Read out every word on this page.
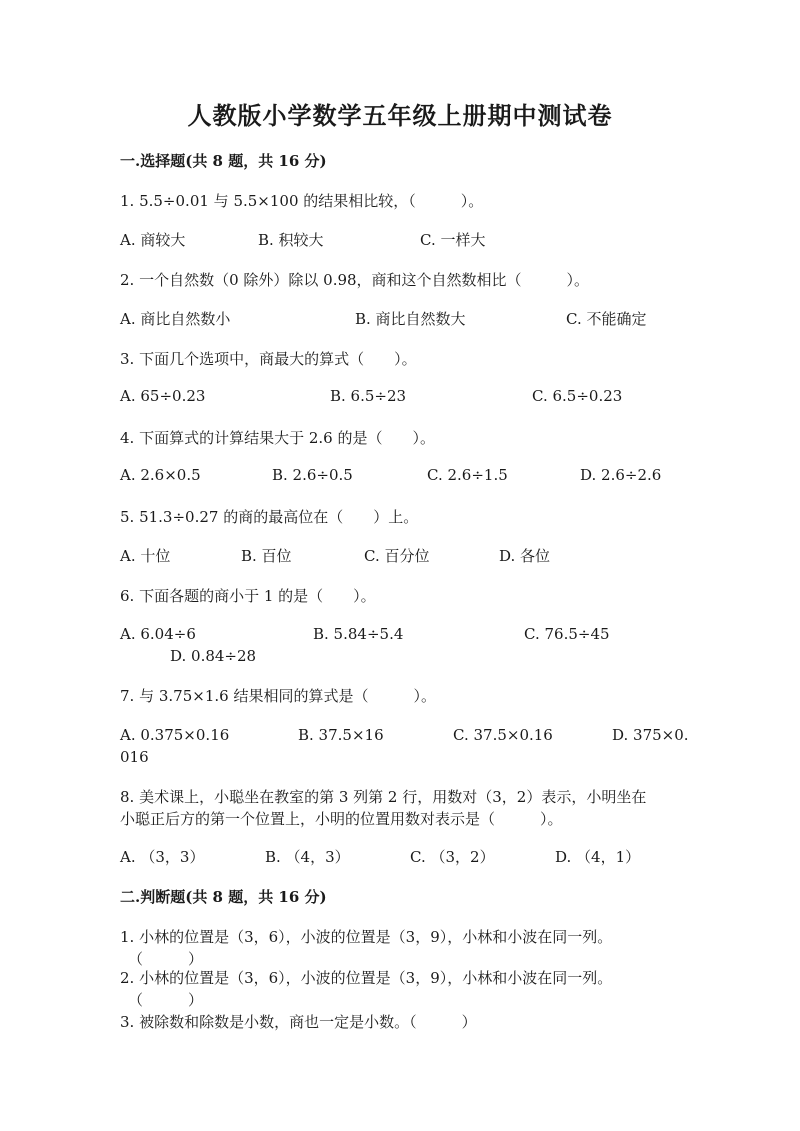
人教版小学数学五年级上册期中测试卷
一.选择题(共 8 题，共 16 分)
1. 5.5÷0.01 与 5.5×100 的结果相比较，（　　　）。
A. 商较大	B. 积较大	C. 一样大
2. 一个自然数（0 除外）除以 0.98，商和这个自然数相比（　　　）。
A. 商比自然数小	B. 商比自然数大	C. 不能确定
3. 下面几个选项中，商最大的算式（　　）。
A. 65÷0.23	B. 6.5÷23	C. 6.5÷0.23
4. 下面算式的计算结果大于 2.6 的是（　　）。
A. 2.6×0.5	B. 2.6÷0.5	C. 2.6÷1.5	D. 2.6÷2.6
5. 51.3÷0.27 的商的最高位在（　　）上。
A. 十位	B. 百位	C. 百分位	D. 各位
6. 下面各题的商小于 1 的是（　　）。
A. 6.04÷6	B. 5.84÷5.4	C. 76.5÷45
D. 0.84÷28
7. 与 3.75×1.6 结果相同的算式是（　　　）。
A. 0.375×0.16	B. 37.5×16	C. 37.5×0.16	D. 375×0.
016
8. 美术课上，小聪坐在教室的第 3 列第 2 行，用数对（3，2）表示，小明坐在
小聪正后方的第一个位置上，小明的位置用数对表示是（　　　）。
A. （3，3）	B. （4，3）	C. （3，2）	D. （4，1）
二.判断题(共 8 题，共 16 分)
1. 小林的位置是（3，6），小波的位置是（3，9），小林和小波在同一列。
（　　　）
2. 小林的位置是（3，6），小波的位置是（3，9），小林和小波在同一列。
（　　　）
3. 被除数和除数是小数，商也一定是小数。（　　　）
